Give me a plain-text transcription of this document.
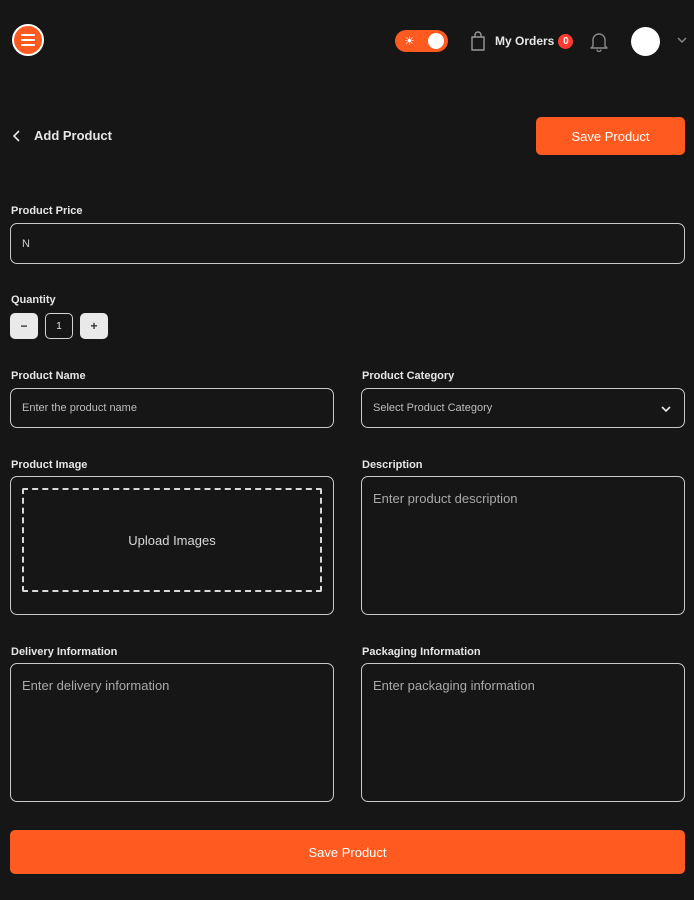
☀	My Orders 0
Add Product	Save Product
Product Price
N
Quantity
−	1	+
Product Name
Enter the product name
Product Category
Select Product Category
Product Image
Upload Images
Description
Enter product description
Delivery Information
Enter delivery information
Packaging Information
Enter packaging information
Save Product
